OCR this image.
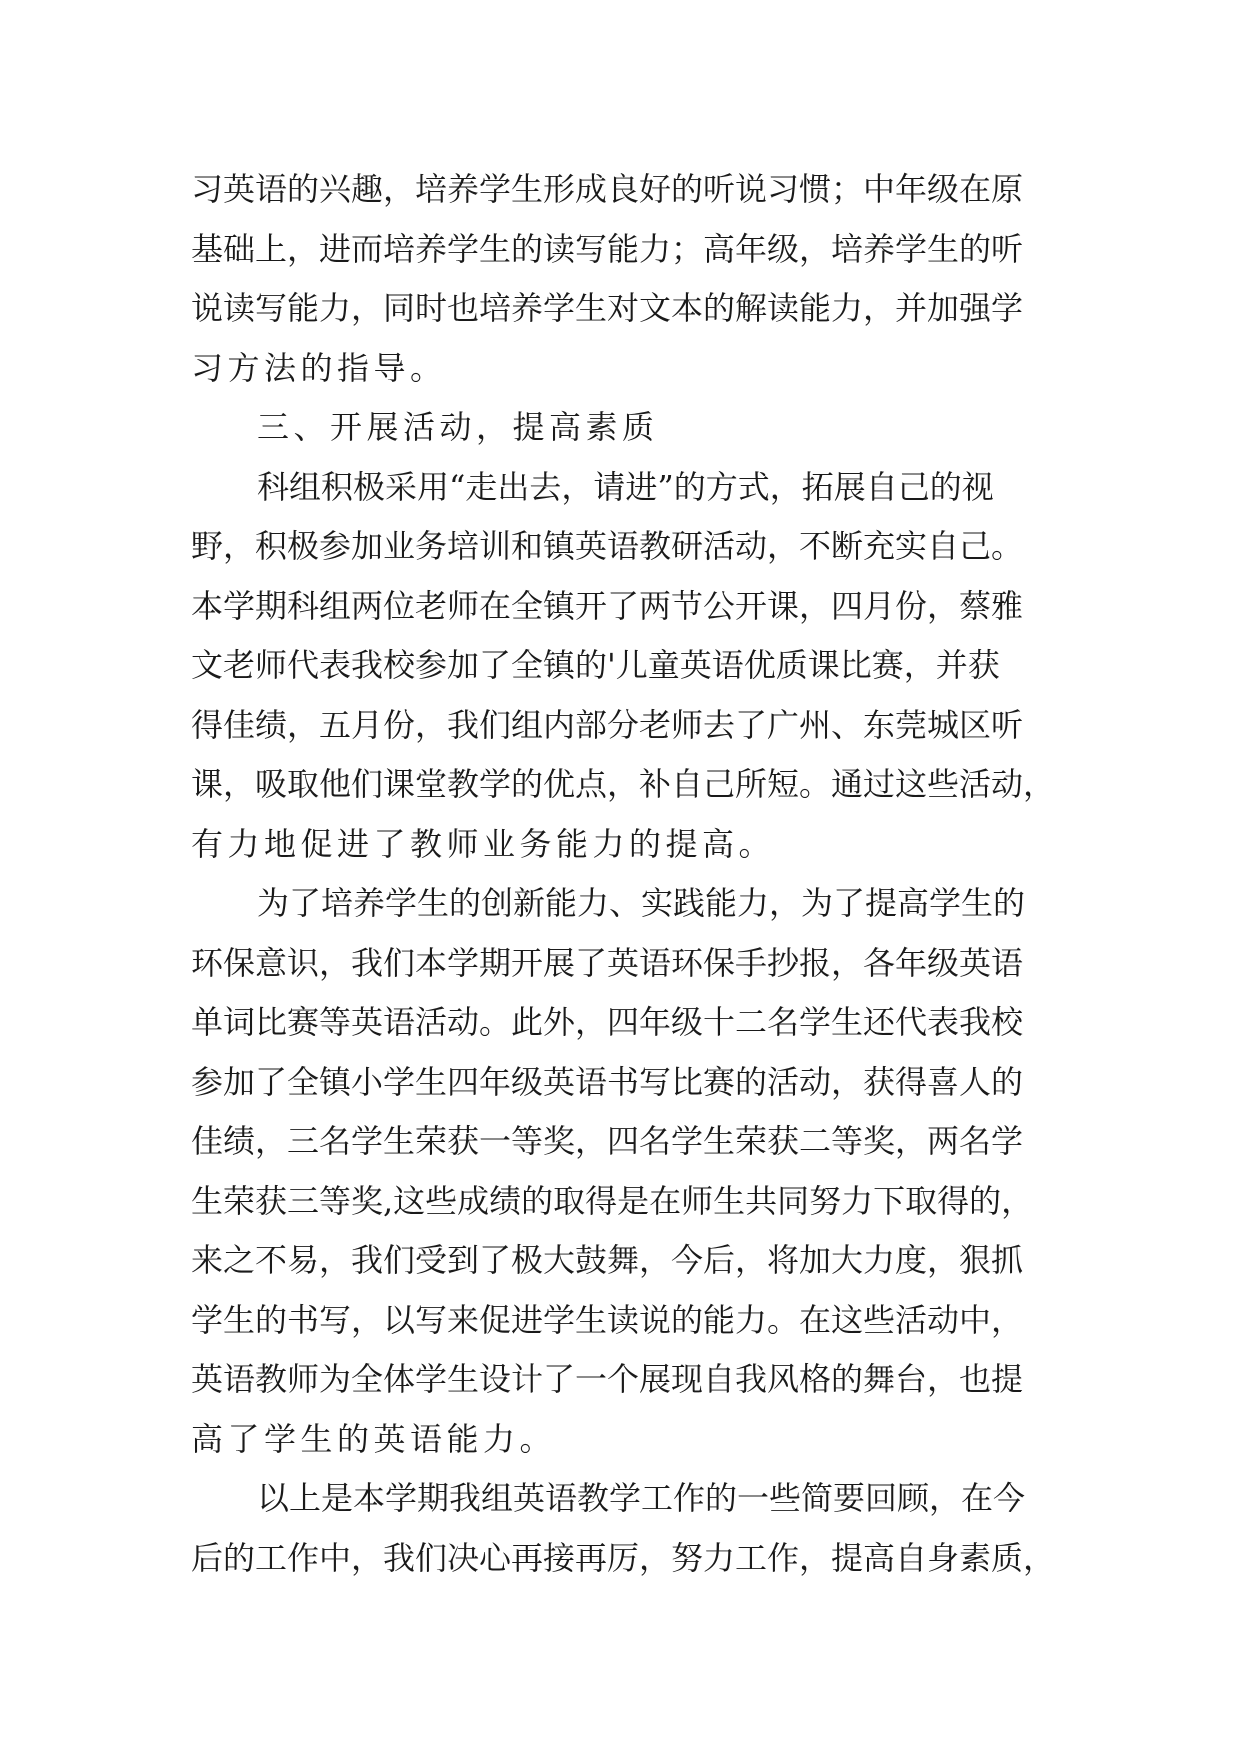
习英语的兴趣，培养学生形成良好的听说习惯；中年级在原
基础上，进而培养学生的读写能力；高年级，培养学生的听
说读写能力，同时也培养学生对文本的解读能力，并加强学
习方法的指导。
三、开展活动，提高素质
科组积极采用“走出去，请进”的方式，拓展自己的视
野，积极参加业务培训和镇英语教研活动，不断充实自己。
本学期科组两位老师在全镇开了两节公开课，四月份，蔡雅
文老师代表我校参加了全镇的'儿童英语优质课比赛，并获
得佳绩，五月份，我们组内部分老师去了广州、东莞城区听
课，吸取他们课堂教学的优点，补自己所短。通过这些活动，
有力地促进了教师业务能力的提高。
为了培养学生的创新能力、实践能力，为了提高学生的
环保意识，我们本学期开展了英语环保手抄报，各年级英语
单词比赛等英语活动。此外，四年级十二名学生还代表我校
参加了全镇小学生四年级英语书写比赛的活动，获得喜人的
佳绩，三名学生荣获一等奖，四名学生荣获二等奖，两名学
生荣获三等奖,这些成绩的取得是在师生共同努力下取得的，
来之不易，我们受到了极大鼓舞，今后，将加大力度，狠抓
学生的书写，以写来促进学生读说的能力。在这些活动中，
英语教师为全体学生设计了一个展现自我风格的舞台，也提
高了学生的英语能力。
以上是本学期我组英语教学工作的一些简要回顾，在今
后的工作中，我们决心再接再厉，努力工作，提高自身素质，
